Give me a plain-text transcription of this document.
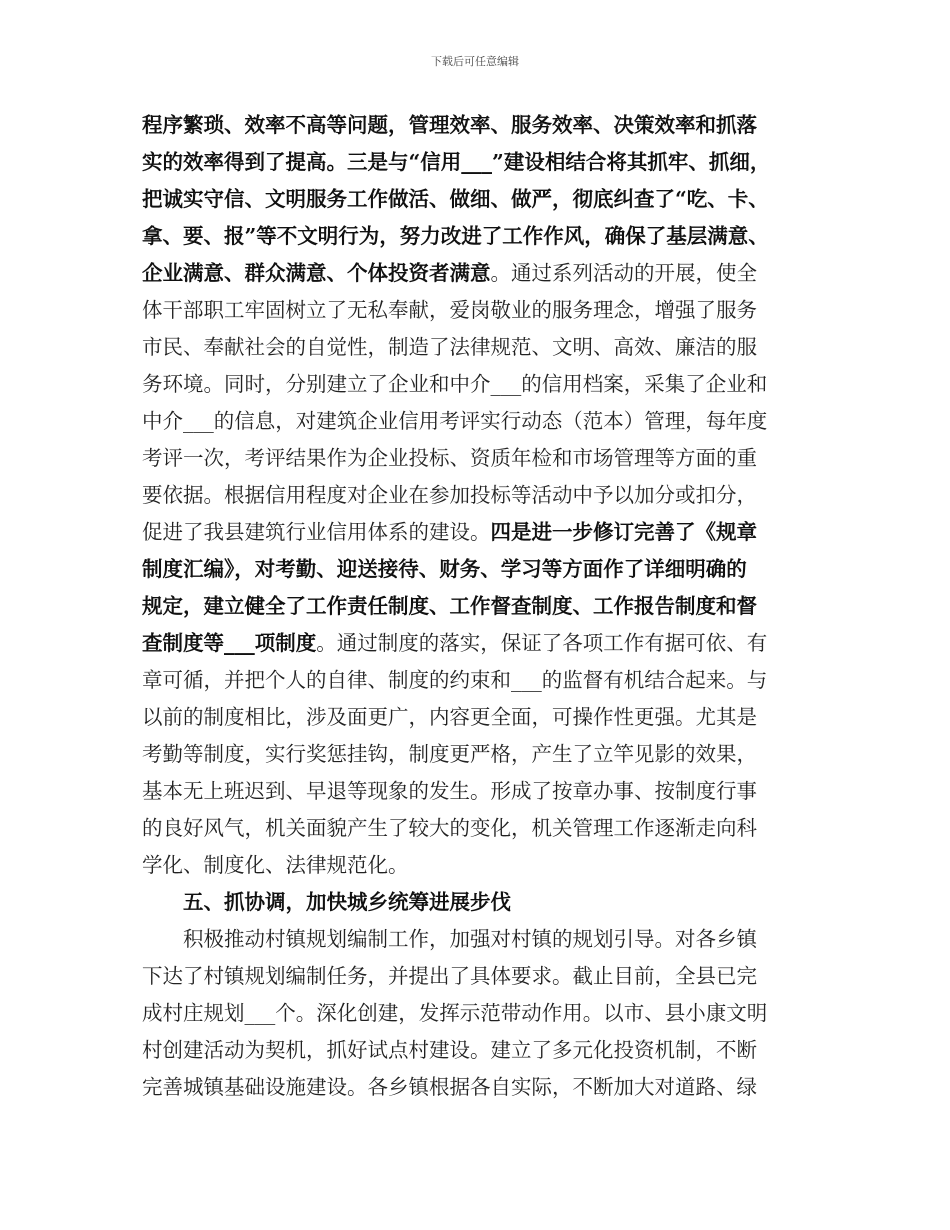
下载后可任意编辑
程序繁琐、效率不高等问题，管理效率、服务效率、决策效率和抓落
实的效率得到了提高。三是与“信用___”建设相结合将其抓牢、抓细，
把诚实守信、文明服务工作做活、做细、做严，彻底纠查了“吃、卡、
拿、要、报”等不文明行为，努力改进了工作作风，确保了基层满意、
企业满意、群众满意、个体投资者满意。通过系列活动的开展，使全
体干部职工牢固树立了无私奉献，爱岗敬业的服务理念，增强了服务
市民、奉献社会的自觉性，制造了法律规范、文明、高效、廉洁的服
务环境。同时，分别建立了企业和中介___的信用档案，采集了企业和
中介___的信息，对建筑企业信用考评实行动态（范本）管理，每年度
考评一次，考评结果作为企业投标、资质年检和市场管理等方面的重
要依据。根据信用程度对企业在参加投标等活动中予以加分或扣分，
促进了我县建筑行业信用体系的建设。四是进一步修订完善了《规章
制度汇编》，对考勤、迎送接待、财务、学习等方面作了详细明确的
规定，建立健全了工作责任制度、工作督查制度、工作报告制度和督
查制度等___项制度。通过制度的落实，保证了各项工作有据可依、有
章可循，并把个人的自律、制度的约束和___的监督有机结合起来。与
以前的制度相比，涉及面更广，内容更全面，可操作性更强。尤其是
考勤等制度，实行奖惩挂钩，制度更严格，产生了立竿见影的效果，
基本无上班迟到、早退等现象的发生。形成了按章办事、按制度行事
的良好风气，机关面貌产生了较大的变化，机关管理工作逐渐走向科
学化、制度化、法律规范化。
　　五、抓协调，加快城乡统筹进展步伐
　　积极推动村镇规划编制工作，加强对村镇的规划引导。对各乡镇
下达了村镇规划编制任务，并提出了具体要求。截止目前，全县已完
成村庄规划___个。深化创建，发挥示范带动作用。以市、县小康文明
村创建活动为契机，抓好试点村建设。建立了多元化投资机制，不断
完善城镇基础设施建设。各乡镇根据各自实际，不断加大对道路、绿
